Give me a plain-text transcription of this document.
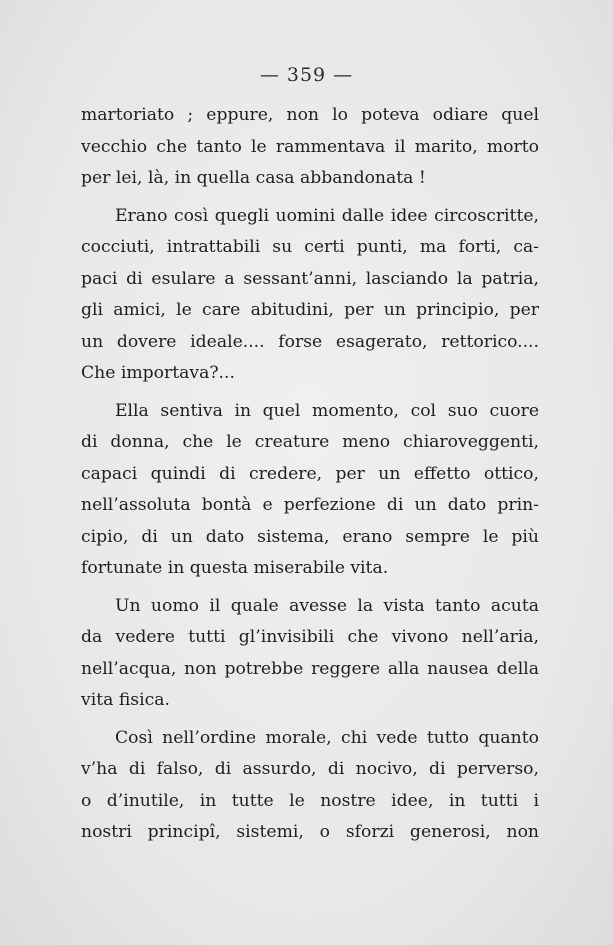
— 359 —
martoriato ; eppure, non lo poteva odiare quel
vecchio che tanto le rammentava il marito, morto
per lei, là, in quella casa abbandonata !
Erano così quegli uomini dalle idee circoscritte,
cocciuti, intrattabili su certi punti, ma forti, ca-
paci di esulare a sessant’anni, lasciando la patria,
gli amici, le care abitudini, per un principio, per
un dovere ideale.... forse esagerato, rettorico....
Che importava?...
Ella sentiva in quel momento, col suo cuore
di donna, che le creature meno chiaroveggenti,
capaci quindi di credere, per un effetto ottico,
nell’assoluta bontà e perfezione di un dato prin-
cipio, di un dato sistema, erano sempre le più
fortunate in questa miserabile vita.
Un uomo il quale avesse la vista tanto acuta
da vedere tutti gl’invisibili che vivono nell’aria,
nell’acqua, non potrebbe reggere alla nausea della
vita fisica.
Così nell’ordine morale, chi vede tutto quanto
v’ha di falso, di assurdo, di nocivo, di perverso,
o d’inutile, in tutte le nostre idee, in tutti i
nostri principî, sistemi, o sforzi generosi, non
